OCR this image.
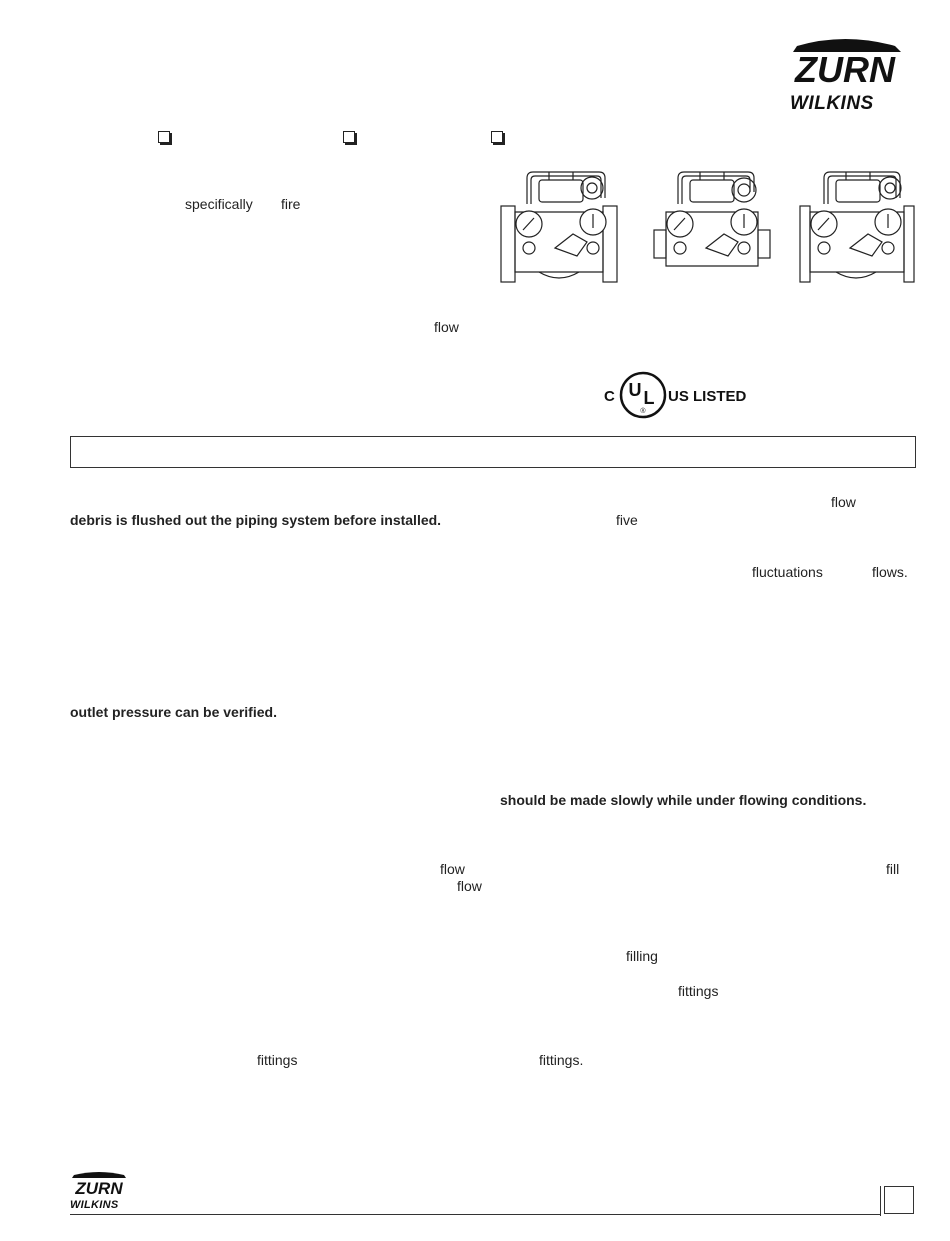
ZURN
WILKINS
specifically fire
flow
C U L
®
US LISTED
flow
debris is flushed out the piping system before installed.	five
fluctuations	flows.
outlet pressure can be verified.
should be made slowly while under flowing conditions.
flow	fill
flow
filling
fittings
fittings	fittings.
ZURN
WILKINS
